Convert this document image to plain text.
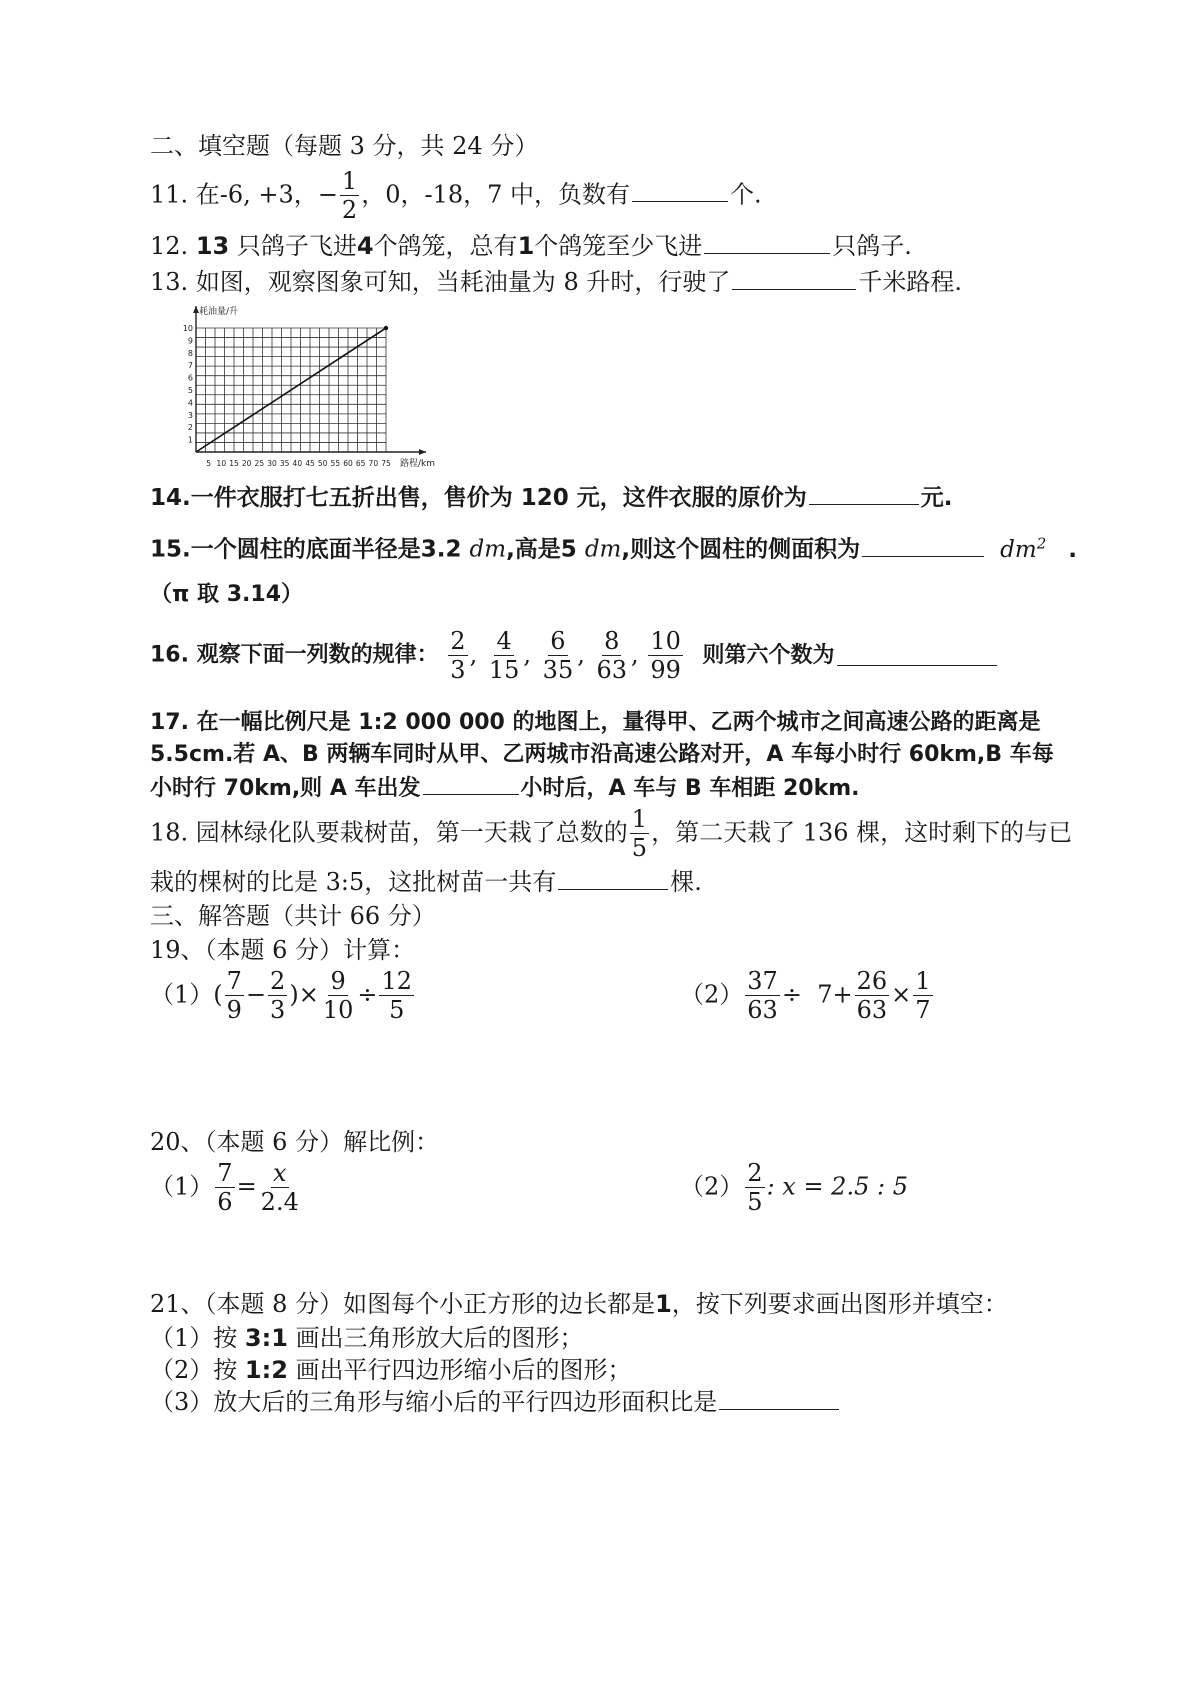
二、填空题（每题 3 分，共 24 分）
11. 在-6, +3，− $\frac{1}{2}$ ，0，-18，7 中，负数有	个.
12. 13 只鸽子飞进4个鸽笼，总有1个鸽笼至少飞进	只鸽子.
13. 如图，观察图象可知，当耗油量为 8 升时，行驶了	千米路程.
耗油量/升
路程/km
1
2
3
4
5
6
7
8
9
10
5 10 15 20 25 30 35 40 45 50 55 60 65 70 75
14.一件衣服打七五折出售，售价为 120 元，这件衣服的原价为	元.
15.一个圆柱的底面半径是3.2 dm,高是5 dm,则这个圆柱的侧面积为	$dm^2$ .
（π 取 3.14）
16. 观察下面一列数的规律： $\frac{2}{3}$ , $\frac{4}{15}$ , $\frac{6}{35}$ , $\frac{8}{63}$ , $\frac{10}{99}$ 则第六个数为
17. 在一幅比例尺是 1:2 000 000 的地图上，量得甲、乙两个城市之间高速公路的距离是
5.5cm.若 A、B 两辆车同时从甲、乙两城市沿高速公路对开，A 车每小时行 60km,B 车每
小时行 70km,则 A 车出发	小时后，A 车与 B 车相距 20km.
18. 园林绿化队要栽树苗，第一天栽了总数的 $\frac{1}{5}$ ，第二天栽了 136 棵，这时剩下的与已
栽的棵树的比是 3:5，这批树苗一共有	棵.
三、解答题（共计 66 分）
19、（本题 6 分）计算：
$(1)( \frac{7}{9} - \frac{2}{3}$ )× $\frac{9}{10} \div \frac{12}{5}$	$(2) \frac{37}{63} \div 7+ \frac{26}{63} \times \frac{1}{7}$
20、（本题 6 分）解比例：
$(1) \frac{7}{6} = \frac{x}{2.4}$	$(2) \frac{2}{5}$ : x = 2.5 : 5
21、（本题 8 分）如图每个小正方形的边长都是1，按下列要求画出图形并填空：
（1）按 3:1 画出三角形放大后的图形；
（2）按 1:2 画出平行四边形缩小后的图形；
（3）放大后的三角形与缩小后的平行四边形面积比是
